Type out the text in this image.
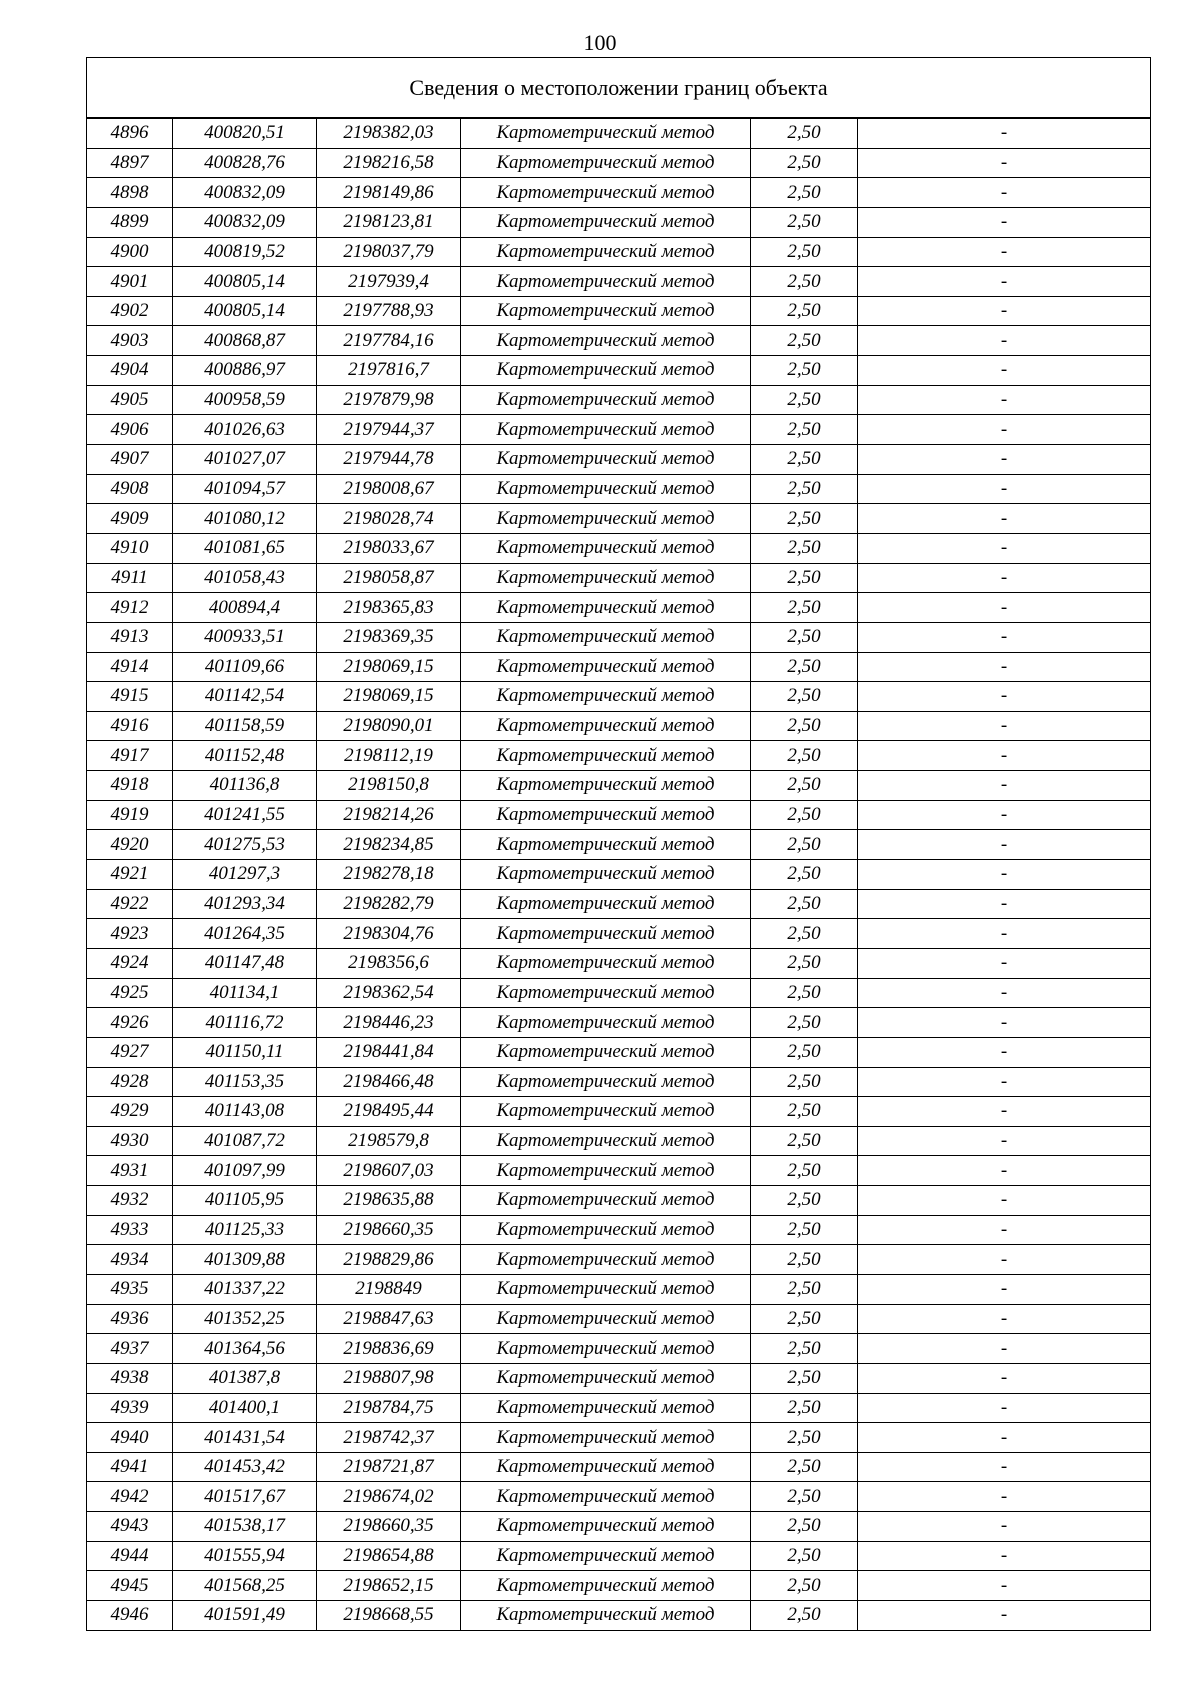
100
Сведения о местоположении границ объекта					
4896	400820,51	2198382,03	Картометрический метод	2,50	-
4897	400828,76	2198216,58	Картометрический метод	2,50	-
4898	400832,09	2198149,86	Картометрический метод	2,50	-
4899	400832,09	2198123,81	Картометрический метод	2,50	-
4900	400819,52	2198037,79	Картометрический метод	2,50	-
4901	400805,14	2197939,4	Картометрический метод	2,50	-
4902	400805,14	2197788,93	Картометрический метод	2,50	-
4903	400868,87	2197784,16	Картометрический метод	2,50	-
4904	400886,97	2197816,7	Картометрический метод	2,50	-
4905	400958,59	2197879,98	Картометрический метод	2,50	-
4906	401026,63	2197944,37	Картометрический метод	2,50	-
4907	401027,07	2197944,78	Картометрический метод	2,50	-
4908	401094,57	2198008,67	Картометрический метод	2,50	-
4909	401080,12	2198028,74	Картометрический метод	2,50	-
4910	401081,65	2198033,67	Картометрический метод	2,50	-
4911	401058,43	2198058,87	Картометрический метод	2,50	-
4912	400894,4	2198365,83	Картометрический метод	2,50	-
4913	400933,51	2198369,35	Картометрический метод	2,50	-
4914	401109,66	2198069,15	Картометрический метод	2,50	-
4915	401142,54	2198069,15	Картометрический метод	2,50	-
4916	401158,59	2198090,01	Картометрический метод	2,50	-
4917	401152,48	2198112,19	Картометрический метод	2,50	-
4918	401136,8	2198150,8	Картометрический метод	2,50	-
4919	401241,55	2198214,26	Картометрический метод	2,50	-
4920	401275,53	2198234,85	Картометрический метод	2,50	-
4921	401297,3	2198278,18	Картометрический метод	2,50	-
4922	401293,34	2198282,79	Картометрический метод	2,50	-
4923	401264,35	2198304,76	Картометрический метод	2,50	-
4924	401147,48	2198356,6	Картометрический метод	2,50	-
4925	401134,1	2198362,54	Картометрический метод	2,50	-
4926	401116,72	2198446,23	Картометрический метод	2,50	-
4927	401150,11	2198441,84	Картометрический метод	2,50	-
4928	401153,35	2198466,48	Картометрический метод	2,50	-
4929	401143,08	2198495,44	Картометрический метод	2,50	-
4930	401087,72	2198579,8	Картометрический метод	2,50	-
4931	401097,99	2198607,03	Картометрический метод	2,50	-
4932	401105,95	2198635,88	Картометрический метод	2,50	-
4933	401125,33	2198660,35	Картометрический метод	2,50	-
4934	401309,88	2198829,86	Картометрический метод	2,50	-
4935	401337,22	2198849	Картометрический метод	2,50	-
4936	401352,25	2198847,63	Картометрический метод	2,50	-
4937	401364,56	2198836,69	Картометрический метод	2,50	-
4938	401387,8	2198807,98	Картометрический метод	2,50	-
4939	401400,1	2198784,75	Картометрический метод	2,50	-
4940	401431,54	2198742,37	Картометрический метод	2,50	-
4941	401453,42	2198721,87	Картометрический метод	2,50	-
4942	401517,67	2198674,02	Картометрический метод	2,50	-
4943	401538,17	2198660,35	Картометрический метод	2,50	-
4944	401555,94	2198654,88	Картометрический метод	2,50	-
4945	401568,25	2198652,15	Картометрический метод	2,50	-
4946	401591,49	2198668,55	Картометрический метод	2,50	-
